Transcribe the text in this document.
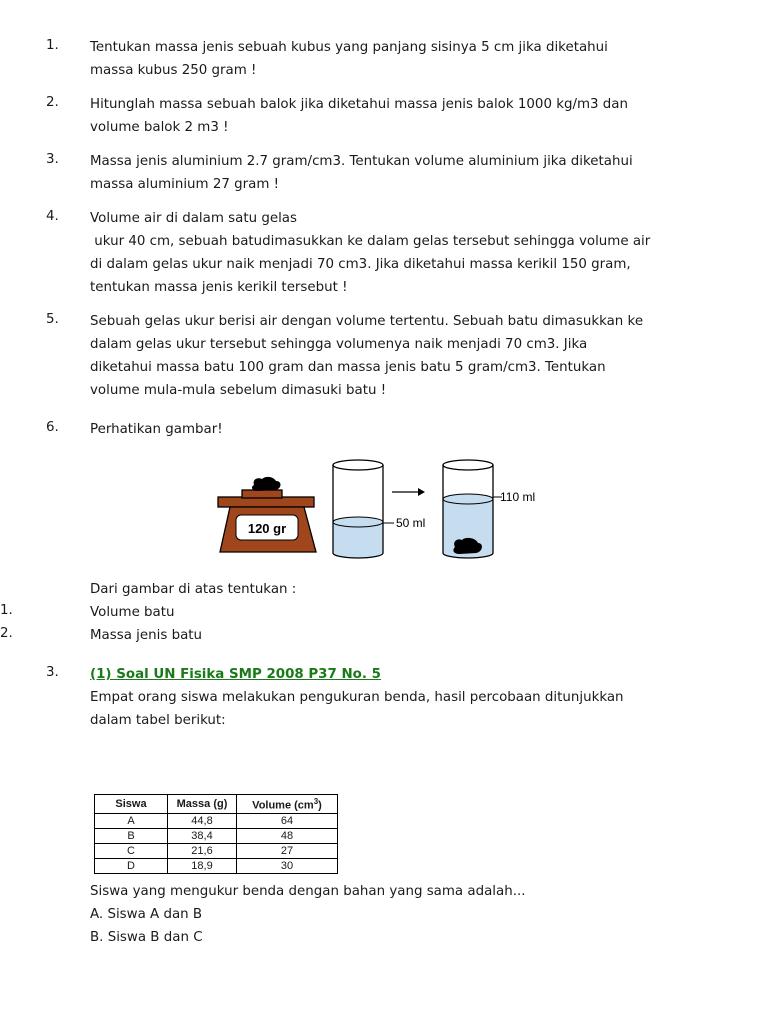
1. Tentukan massa jenis sebuah kubus yang panjang sisinya 5 cm jika diketahui

massa kubus 250 gram !

2. Hitunglah massa sebuah balok jika diketahui massa jenis balok 1000 kg/m3 dan

volume balok 2 m3 !

3. Massa jenis aluminium 2.7 gram/cm3. Tentukan volume aluminium jika diketahui

massa aluminium 27 gram !

4. Volume air di dalam satu gelas

ukur 40 cm, sebuah batudimasukkan ke dalam gelas tersebut sehingga volume air

di dalam gelas ukur naik menjadi 70 cm3. Jika diketahui massa kerikil 150 gram,

tentukan massa jenis kerikil tersebut !

5. Sebuah gelas ukur berisi air dengan volume tertentu. Sebuah batu dimasukkan ke

dalam gelas ukur tersebut sehingga volumenya naik menjadi 70 cm3. Jika

diketahui massa batu 100 gram dan massa jenis batu 5 gram/cm3. Tentukan

volume mula-mula sebelum dimasuki batu !

6. Perhatikan gambar!

120 gr	50 ml
110 ml
Dari gambar di atas tentukan :
1.	Volume batu
2.	Massa jenis batu
3. (1) Soal UN Fisika SMP 2008 P37 No. 5

Empat orang siswa melakukan pengukuran benda, hasil percobaan ditunjukkan

dalam tabel berikut:

Siswa	Massa (g)	Volume $(cm^3)$
A	44,8	64
B	38,4	48
C	21,6	27
D	18,9	30

Siswa yang mengukur benda dengan bahan yang sama adalah...

A. Siswa A dan B

B. Siswa B dan C
